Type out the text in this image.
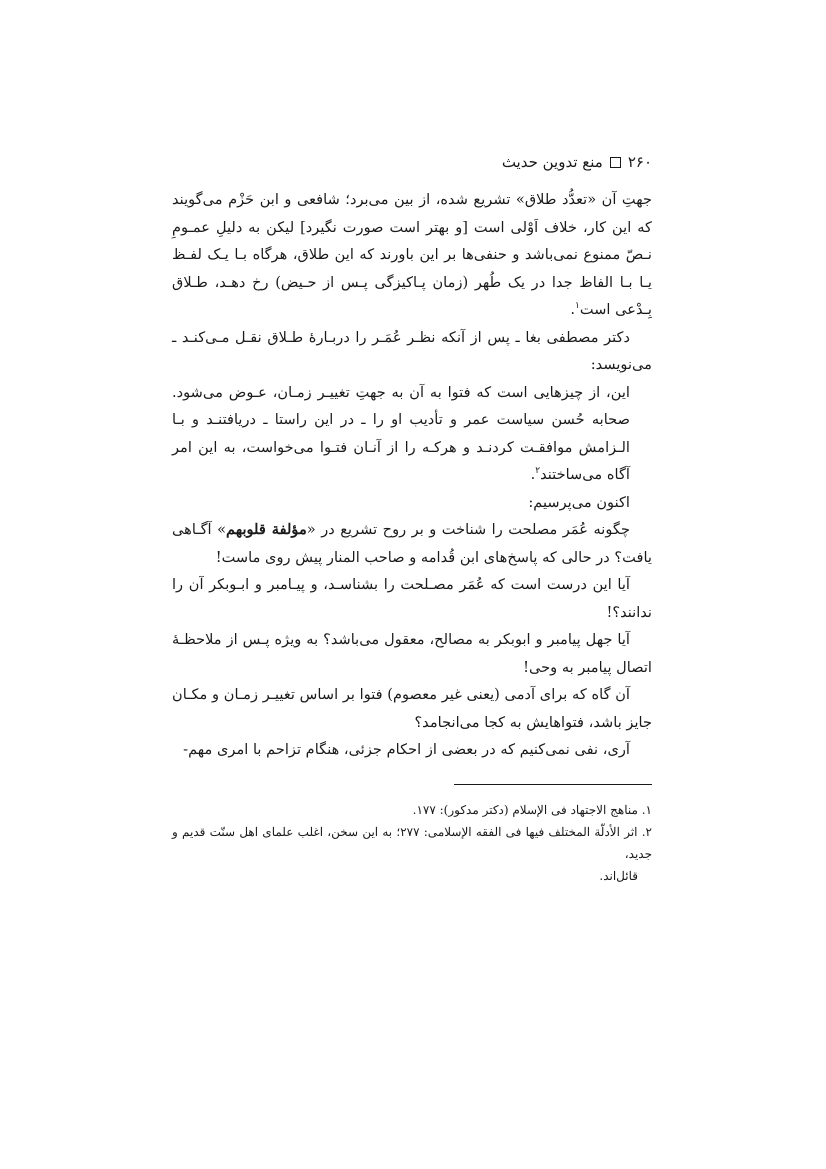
۲۶۰
منع تدوین حدیث

جهتِ آن «تعدُّد طلاق» تشریع شده، از بین می‌برد؛ شافعی و ابن حَزْم می‌گویند که این کار، خلاف اَوْلی است [و بهتر است صورت نگیرد] لیکن به دلیلِ عمـومِ نـصّ ممنوع نمی‌باشد و حنفی‌ها بر این باورند که این طلاق، هرگاه بـا یـک لفـظ یـا بـا الفاظ جدا در یک طُهر (زمان پـاکیزگی پـس از حـیض) رخ دهـد، طـلاق بِـدْعی است$^۱$.

دکتر مصطفی بغا ـ پس از آنکه نظـر عُمَـر را دربـارۀ طـلاق نقـل مـی‌کنـد ـ می‌نویسد:

این، از چیزهایی است که فتوا به آن به جهتِ تغییـر زمـان، عـوض می‌شود. صحابه حُسن سیاست عمر و تأدیب او را ـ در این راستا ـ دریافتنـد و بـا الـزامش موافقـت کردنـد و هرکـه را از آنـان فتـوا می‌خواست، به این امر آگاه می‌ساختند$^۲$.

اکنون می‌پرسیم:

چگونه عُمَر مصلحت را شناخت و بر روح تشریع در «مؤلفة قلوبهم» آگـاهی یافت؟ در حالی که پاسخ‌های ابن قُدامه و صاحب المنار پیش روی ماست!

آیا این درست است که عُمَر مصـلحت را بشناسـد، و پیـامبر و ابـوبکر آن را ندانند؟!

آیا جهل پیامبر و ابوبکر به مصالح، معقول می‌باشد؟ به ویژه پـس از ملاحظـۀ اتصال پیامبر به وحی!

آن گاه که برای آدمی (یعنی غیر معصوم) فتوا بر اساس تغییـر زمـان و مکـان جایز باشد، فتواهایش به کجا می‌انجامد؟

آری، نفی نمی‌کنیم که در بعضی از احکام جزئی، هنگام تزاحم با امری مهم-

۱. مناهج الاجتهاد فی الإسلام (دکتر مدکور): ۱۷۷.

۲. اثر الأدلّة المختلف فیها فی الفقه الإسلامی: ۲۷۷؛ به این سخن، اغلب علمای اهل سنّت قدیم و جدید،

قائل‌اند.
